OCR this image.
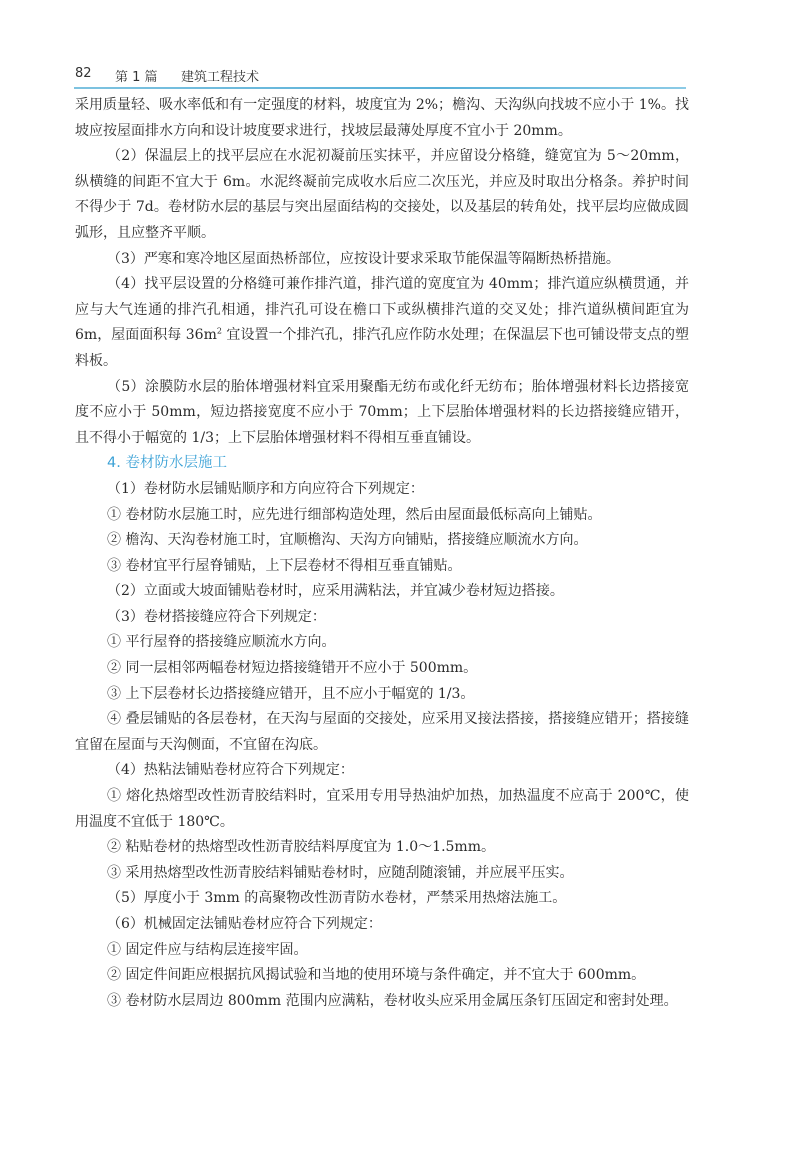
82 第 1 篇 建筑工程技术

采用质量轻、吸水率低和有一定强度的材料，坡度宜为 2%；檐沟、天沟纵向找坡不应小于 1%。找坡应按屋面排水方向和设计坡度要求进行，找坡层最薄处厚度不宜小于 20mm。

（2）保温层上的找平层应在水泥初凝前压实抹平，并应留设分格缝，缝宽宜为 5～20mm，纵横缝的间距不宜大于 6m。水泥终凝前完成收水后应二次压光，并应及时取出分格条。养护时间不得少于 7d。卷材防水层的基层与突出屋面结构的交接处，以及基层的转角处，找平层均应做成圆弧形，且应整齐平顺。

（3）严寒和寒冷地区屋面热桥部位，应按设计要求采取节能保温等隔断热桥措施。

（4）找平层设置的分格缝可兼作排汽道，排汽道的宽度宜为 40mm；排汽道应纵横贯通，并应与大气连通的排汽孔相通，排汽孔可设在檐口下或纵横排汽道的交叉处；排汽道纵横间距宜为 6m，屋面面积每 $36m^2$ 宜设置一个排汽孔，排汽孔应作防水处理；在保温层下也可铺设带支点的塑料板。

（5）涂膜防水层的胎体增强材料宜采用聚酯无纺布或化纤无纺布；胎体增强材料长边搭接宽度不应小于 50mm，短边搭接宽度不应小于 70mm；上下层胎体增强材料的长边搭接缝应错开，且不得小于幅宽的 1/3；上下层胎体增强材料不得相互垂直铺设。

4. 卷材防水层施工

（1）卷材防水层铺贴顺序和方向应符合下列规定：

① 卷材防水层施工时，应先进行细部构造处理，然后由屋面最低标高向上铺贴。

② 檐沟、天沟卷材施工时，宜顺檐沟、天沟方向铺贴，搭接缝应顺流水方向。

③ 卷材宜平行屋脊铺贴，上下层卷材不得相互垂直铺贴。

（2）立面或大坡面铺贴卷材时，应采用满粘法，并宜减少卷材短边搭接。

（3）卷材搭接缝应符合下列规定：

① 平行屋脊的搭接缝应顺流水方向。

② 同一层相邻两幅卷材短边搭接缝错开不应小于 500mm。

③ 上下层卷材长边搭接缝应错开，且不应小于幅宽的 1/3。

④ 叠层铺贴的各层卷材，在天沟与屋面的交接处，应采用叉接法搭接，搭接缝应错开；搭接缝宜留在屋面与天沟侧面，不宜留在沟底。

（4）热粘法铺贴卷材应符合下列规定：

① 熔化热熔型改性沥青胶结料时，宜采用专用导热油炉加热，加热温度不应高于 200℃，使用温度不宜低于 180℃。

② 粘贴卷材的热熔型改性沥青胶结料厚度宜为 1.0～1.5mm。

③ 采用热熔型改性沥青胶结料铺贴卷材时，应随刮随滚铺，并应展平压实。

（5）厚度小于 3mm 的高聚物改性沥青防水卷材，严禁采用热熔法施工。

（6）机械固定法铺贴卷材应符合下列规定：

① 固定件应与结构层连接牢固。

② 固定件间距应根据抗风揭试验和当地的使用环境与条件确定，并不宜大于 600mm。

③ 卷材防水层周边 800mm 范围内应满粘，卷材收头应采用金属压条钉压固定和密封处理。
